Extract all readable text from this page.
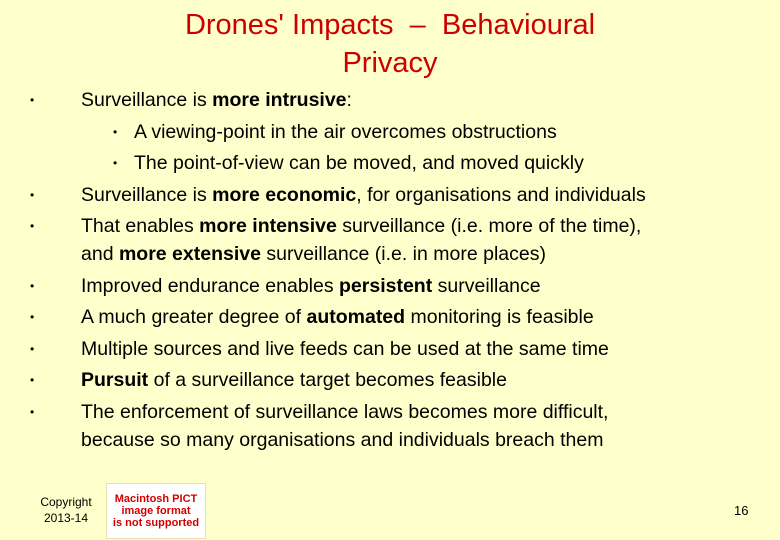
Drones' Impacts  –  Behavioural
Privacy
• Surveillance is more intrusive:
• A viewing-point in the air overcomes obstructions
• The point-of-view can be moved, and moved quickly
• Surveillance is more economic, for organisations and individuals
• That enables more intensive surveillance (i.e. more of the time),
and more extensive surveillance (i.e. in more places)
• Improved endurance enables persistent surveillance
• A much greater degree of automated monitoring is feasible
• Multiple sources and live feeds can be used at the same time
• Pursuit of a surveillance target becomes feasible
• The enforcement of surveillance laws becomes more difficult,
because so many organisations and individuals breach them
Copyright
2013-14
Macintosh PICT
image format
is not supported
16
